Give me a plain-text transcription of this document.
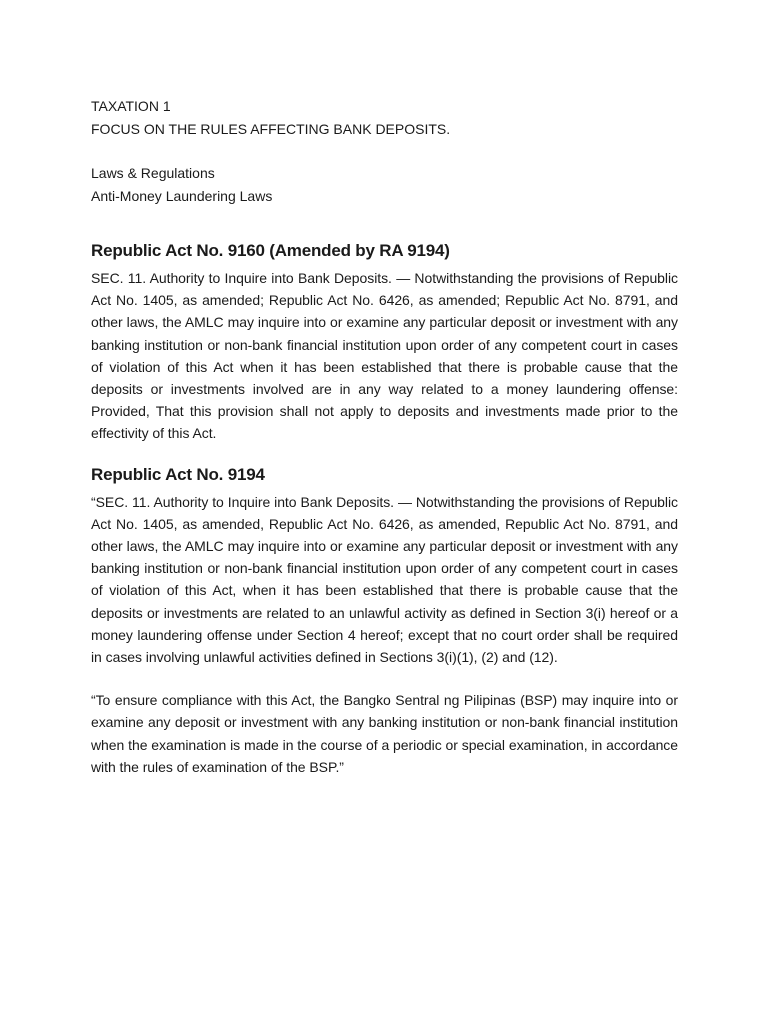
TAXATION 1

FOCUS ON THE RULES AFFECTING BANK DEPOSITS.

Laws & Regulations

Anti-Money Laundering Laws

Republic Act No. 9160 (Amended by RA 9194)

SEC. 11. Authority to Inquire into Bank Deposits. — Notwithstanding the provisions of Republic Act No. 1405, as amended; Republic Act No. 6426, as amended; Republic Act No. 8791, and other laws, the AMLC may inquire into or examine any particular deposit or investment with any banking institution or non-bank financial institution upon order of any competent court in cases of violation of this Act when it has been established that there is probable cause that the deposits or investments involved are in any way related to a money laundering offense: Provided, That this provision shall not apply to deposits and investments made prior to the effectivity of this Act.

Republic Act No. 9194

“SEC. 11. Authority to Inquire into Bank Deposits. — Notwithstanding the provisions of Republic Act No. 1405, as amended, Republic Act No. 6426, as amended, Republic Act No. 8791, and other laws, the AMLC may inquire into or examine any particular deposit or investment with any banking institution or non-bank financial institution upon order of any competent court in cases of violation of this Act, when it has been established that there is probable cause that the deposits or investments are related to an unlawful activity as defined in Section 3(i) hereof or a money laundering offense under Section 4 hereof; except that no court order shall be required in cases involving unlawful activities defined in Sections 3(i)(1), (2) and (12).

“To ensure compliance with this Act, the Bangko Sentral ng Pilipinas (BSP) may inquire into or examine any deposit or investment with any banking institution or non-bank financial institution when the examination is made in the course of a periodic or special examination, in accordance with the rules of examination of the BSP.”
